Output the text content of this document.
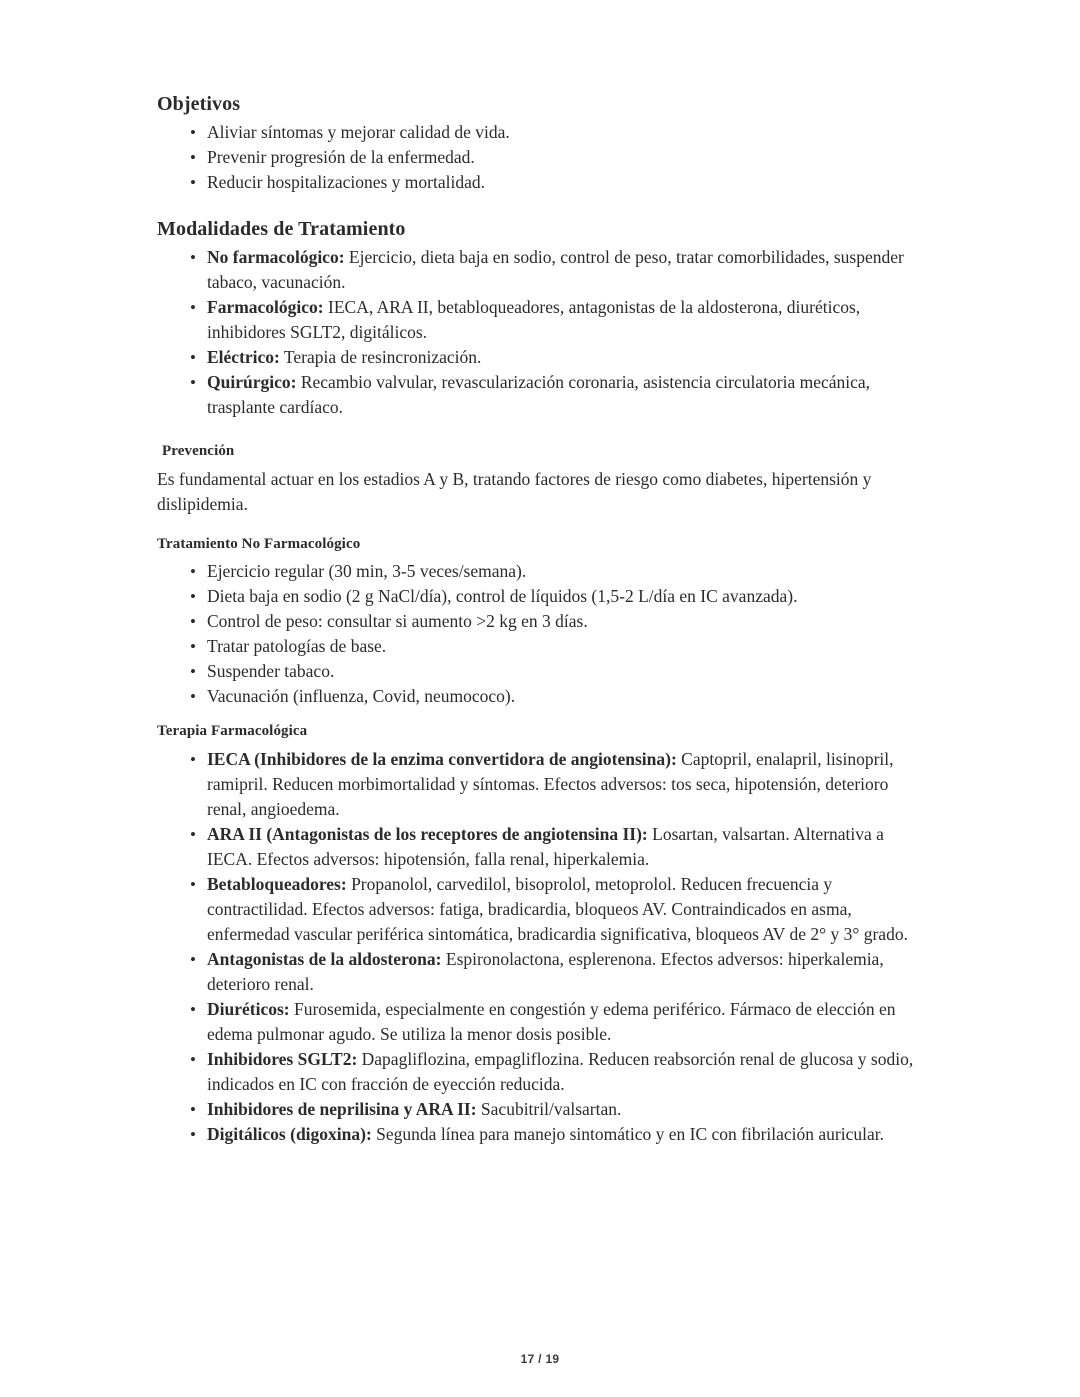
Objetivos
• Aliviar síntomas y mejorar calidad de vida.
• Prevenir progresión de la enfermedad.
• Reducir hospitalizaciones y mortalidad.
Modalidades de Tratamiento
• No farmacológico: Ejercicio, dieta baja en sodio, control de peso, tratar comorbilidades, suspender tabaco, vacunación.
• Farmacológico: IECA, ARA II, betabloqueadores, antagonistas de la aldosterona, diuréticos, inhibidores SGLT2, digitálicos.
• Eléctrico: Terapia de resincronización.
• Quirúrgico: Recambio valvular, revascularización coronaria, asistencia circulatoria mecánica, trasplante cardíaco.
Prevención

Es fundamental actuar en los estadios A y B, tratando factores de riesgo como diabetes, hipertensión y dislipidemia.

Tratamiento No Farmacológico
• Ejercicio regular (30 min, 3-5 veces/semana).
• Dieta baja en sodio (2 g NaCl/día), control de líquidos (1,5-2 L/día en IC avanzada).
• Control de peso: consultar si aumento >2 kg en 3 días.
• Tratar patologías de base.
• Suspender tabaco.
• Vacunación (influenza, Covid, neumococo).
Terapia Farmacológica
• IECA (Inhibidores de la enzima convertidora de angiotensina): Captopril, enalapril, lisinopril, ramipril. Reducen morbimortalidad y síntomas. Efectos adversos: tos seca, hipotensión, deterioro renal, angioedema.
• ARA II (Antagonistas de los receptores de angiotensina II): Losartan, valsartan. Alternativa a IECA. Efectos adversos: hipotensión, falla renal, hiperkalemia.
• Betabloqueadores: Propanolol, carvedilol, bisoprolol, metoprolol. Reducen frecuencia y contractilidad. Efectos adversos: fatiga, bradicardia, bloqueos AV. Contraindicados en asma, enfermedad vascular periférica sintomática, bradicardia significativa, bloqueos AV de 2° y 3° grado.
• Antagonistas de la aldosterona: Espironolactona, esplerenona. Efectos adversos: hiperkalemia, deterioro renal.
• Diuréticos: Furosemida, especialmente en congestión y edema periférico. Fármaco de elección en edema pulmonar agudo. Se utiliza la menor dosis posible.
• Inhibidores SGLT2: Dapagliflozina, empagliflozina. Reducen reabsorción renal de glucosa y sodio, indicados en IC con fracción de eyección reducida.
• Inhibidores de neprilisina y ARA II: Sacubitril/valsartan.
• Digitálicos (digoxina): Segunda línea para manejo sintomático y en IC con fibrilación auricular.
17 / 19
